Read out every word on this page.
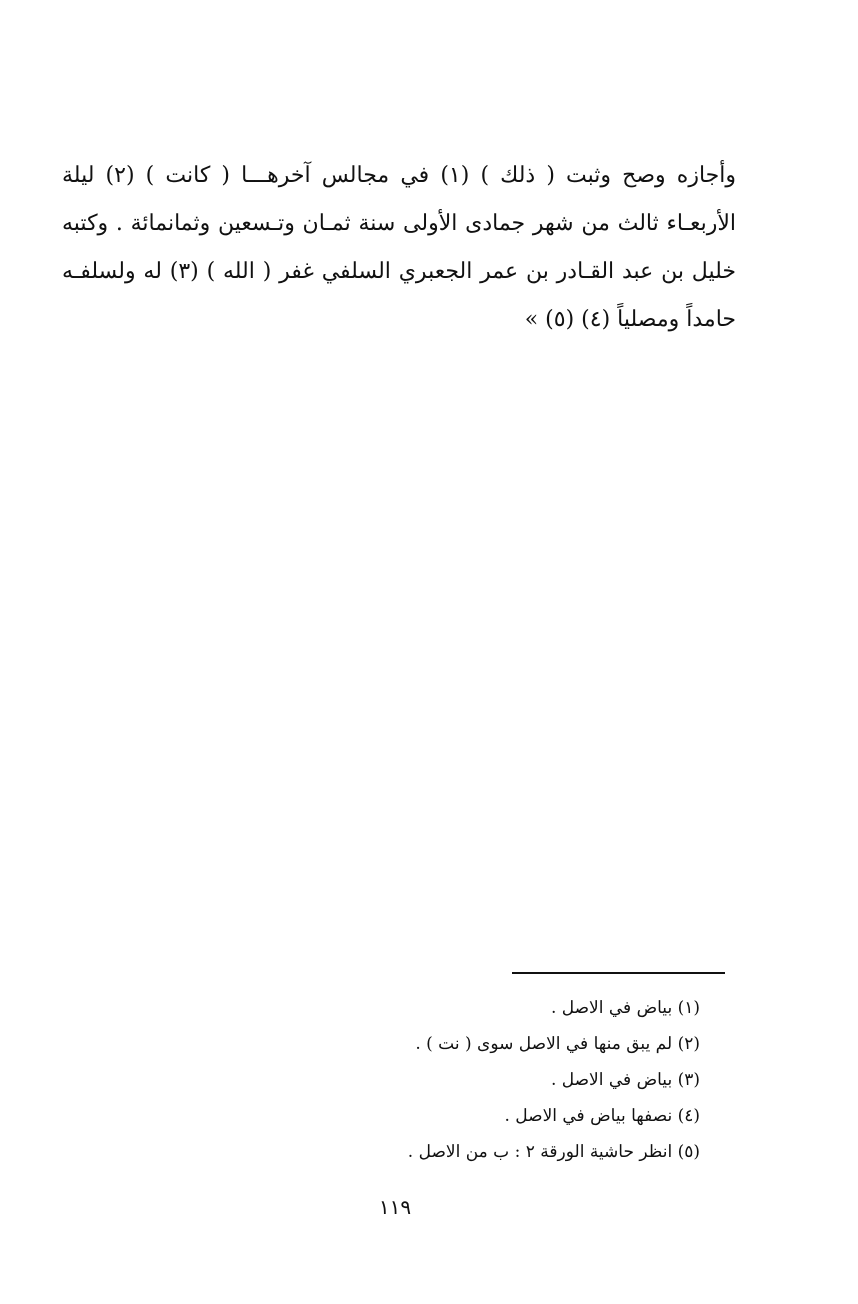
وأجازه وصح وثبت ( ذلك ) (١) في مجالس آخرهـــا ( كانت ) (٢) ليلة
الأربعـاء ثالث من شهر جمادى الأولى سنة ثمـان وتـسعين وثمانمائة . وكتبه
خليل بن عبد القـادر بن عمر الجعبري السلفي غفر ( الله ) (٣) له ولسلفـه
حامداً ومصلياً (٤) (٥) »
(١) بياض في الاصل .
(٢) لم يبق منها في الاصل سوى ( نت ) .
(٣) بياض في الاصل .
(٤) نصفها بياض في الاصل .
(٥) انظر حاشية الورقة ٢ : ب من الاصل .
١١٩
